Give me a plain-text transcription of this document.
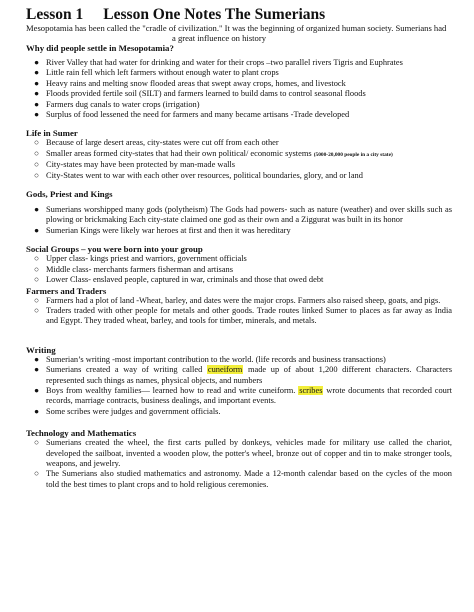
Lesson 1 Lesson One Notes The Sumerians

Mesopotamia has been called the "cradle of civilization." It was the beginning of organized human society. Sumerians had

a great influence on history

Why did people settle in Mesopotamia?

● River Valley that had water for drinking and water for their crops –two parallel rivers Tigris and Euphrates
● Little rain fell which left farmers without enough water to plant crops
● Heavy rains and melting snow flooded areas that swept away crops, homes, and livestock
● Floods provided fertile soil (SILT) and farmers learned to build dams to control seasonal floods
● Farmers dug canals to water crops (irrigation)
● Surplus of food lessened the need for farmers and many became artisans -Trade developed

Life in Sumer

○ Because of large desert areas, city-states were cut off from each other
○ Smaller areas formed city-states that had their own political/ economic systems (5000-20,000 people in a city state)
○ City-states may have been protected by man-made walls
○ City-States went to war with each other over resources, political boundaries, glory, and or land

Gods, Priest and Kings

● Sumerians worshipped many gods (polytheism) The Gods had powers- such as nature (weather) and over skills such as plowing or brickmaking Each city-state claimed one god as their own and a Ziggurat was built in its honor
● Sumerian Kings were likely war heroes at first and then it was hereditary

Social Groups – you were born into your group

○ Upper class- kings priest and warriors, government officials
○ Middle class- merchants farmers fisherman and artisans
○ Lower Class- enslaved people, captured in war, criminals and those that owed debt

Farmers and Traders

○ Farmers had a plot of land -Wheat, barley, and dates were the major crops. Farmers also raised sheep, goats, and pigs.
○ Traders traded with other people for metals and other goods. Trade routes linked Sumer to places as far away as India and Egypt. They traded wheat, barley, and tools for timber, minerals, and metals.

Writing

● Sumerian’s writing -most important contribution to the world. (life records and business transactions)
● Sumerians created a way of writing called cuneiform made up of about 1,200 different characters. Characters represented such things as names, physical objects, and numbers
● Boys from wealthy families— learned how to read and write cuneiform. scribes wrote documents that recorded court records, marriage contracts, business dealings, and important events.
● Some scribes were judges and government officials.

Technology and Mathematics

○ Sumerians created the wheel, the first carts pulled by donkeys, vehicles made for military use called the chariot, developed the sailboat, invented a wooden plow, the potter's wheel, bronze out of copper and tin to make stronger tools, weapons, and jewelry.
○ The Sumerians also studied mathematics and astronomy. Made a 12-month calendar based on the cycles of the moon told the best times to plant crops and to hold religious ceremonies.
